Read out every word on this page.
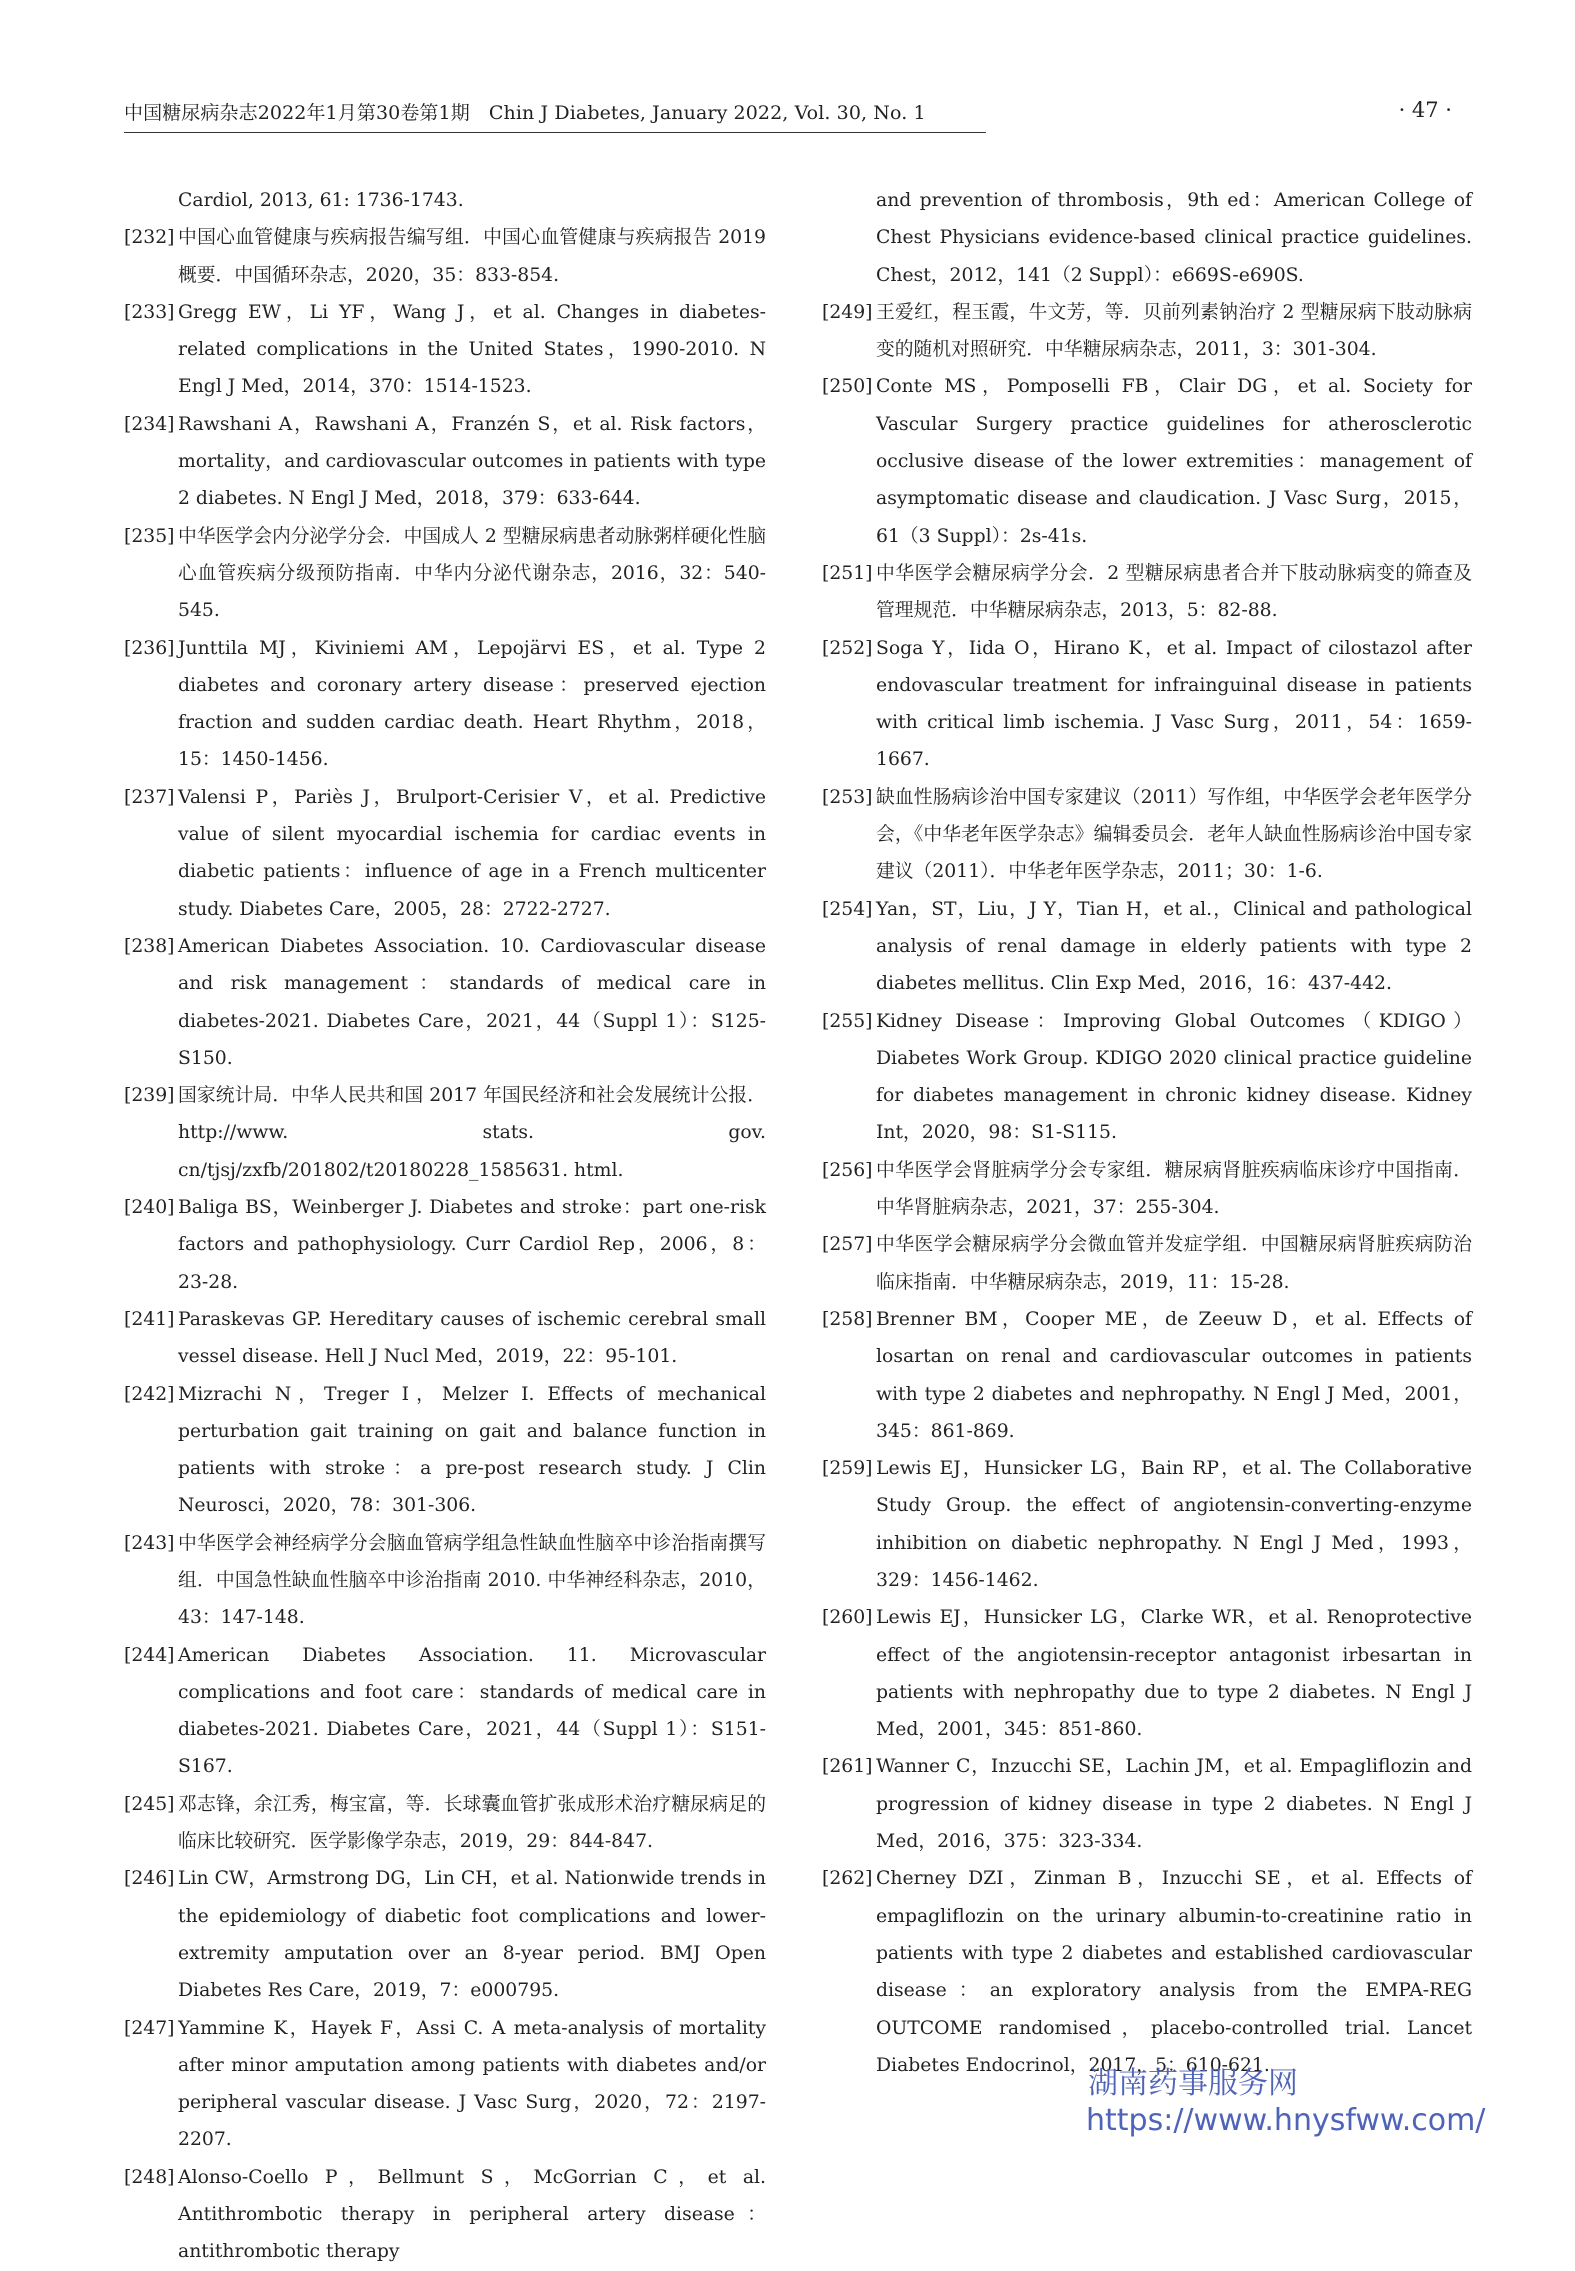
中国糖尿病杂志2022年1月第30卷第1期　Chin J Diabetes, January 2022, Vol. 30, No. 1	· 47 ·

Cardiol, 2013, 61: 1736-1743.

[232] 中国心血管健康与疾病报告编写组．中国心血管健康与疾病报告 2019 概要．中国循环杂志，2020，35：833-854.

[233] Gregg EW，Li YF，Wang J，et al. Changes in diabetes-related complications in the United States，1990-2010. N Engl J Med，2014，370：1514-1523.

[234] Rawshani A，Rawshani A，Franzén S，et al. Risk factors，mortality，and cardiovascular outcomes in patients with type 2 diabetes. N Engl J Med，2018，379：633-644.

[235] 中华医学会内分泌学分会．中国成人 2 型糖尿病患者动脉粥样硬化性脑心血管疾病分级预防指南．中华内分泌代谢杂志，2016，32：540-545.

[236] Junttila MJ，Kiviniemi AM，Lepojärvi ES，et al. Type 2 diabetes and coronary artery disease：preserved ejection fraction and sudden cardiac death. Heart Rhythm，2018，15：1450-1456.

[237] Valensi P，Pariès J，Brulport-Cerisier V，et al. Predictive value of silent myocardial ischemia for cardiac events in diabetic patients：influence of age in a French multicenter study. Diabetes Care，2005，28：2722-2727.

[238] American Diabetes Association. 10. Cardiovascular disease and risk management：standards of medical care in diabetes-2021. Diabetes Care，2021，44（Suppl 1）：S125-S150.

[239] 国家统计局．中华人民共和国 2017 年国民经济和社会发展统计公报．http://www. stats. gov. cn/tjsj/zxfb/201802/t20180228_1585631. html.

[240] Baliga BS，Weinberger J. Diabetes and stroke：part one-risk factors and pathophysiology. Curr Cardiol Rep，2006，8：23-28.

[241] Paraskevas GP. Hereditary causes of ischemic cerebral small vessel disease. Hell J Nucl Med，2019，22：95-101.

[242] Mizrachi N，Treger I，Melzer I. Effects of mechanical perturbation gait training on gait and balance function in patients with stroke：a pre-post research study. J Clin Neurosci，2020，78：301-306.

[243] 中华医学会神经病学分会脑血管病学组急性缺血性脑卒中诊治指南撰写组．中国急性缺血性脑卒中诊治指南 2010. 中华神经科杂志，2010，43：147-148.

[244] American Diabetes Association. 11. Microvascular complications and foot care：standards of medical care in diabetes-2021. Diabetes Care，2021，44（Suppl 1）：S151-S167.

[245] 邓志锋，余江秀，梅宝富，等．长球囊血管扩张成形术治疗糖尿病足的临床比较研究．医学影像学杂志，2019，29：844-847.

[246] Lin CW，Armstrong DG，Lin CH，et al. Nationwide trends in the epidemiology of diabetic foot complications and lower-extremity amputation over an 8-year period. BMJ Open Diabetes Res Care，2019，7：e000795.

[247] Yammine K，Hayek F，Assi C. A meta-analysis of mortality after minor amputation among patients with diabetes and/or peripheral vascular disease. J Vasc Surg，2020，72：2197-2207.

[248] Alonso-Coello P，Bellmunt S，McGorrian C，et al. Antithrombotic therapy in peripheral artery disease：antithrombotic therapy

and prevention of thrombosis，9th ed：American College of Chest Physicians evidence-based clinical practice guidelines. Chest，2012，141（2 Suppl）：e669S-e690S.

[249] 王爱红，程玉霞，牛文芳，等．贝前列素钠治疗 2 型糖尿病下肢动脉病变的随机对照研究．中华糖尿病杂志，2011，3：301-304.

[250] Conte MS，Pomposelli FB，Clair DG，et al. Society for Vascular Surgery practice guidelines for atherosclerotic occlusive disease of the lower extremities：management of asymptomatic disease and claudication. J Vasc Surg，2015，61（3 Suppl）：2s-41s.

[251] 中华医学会糖尿病学分会．2 型糖尿病患者合并下肢动脉病变的筛查及管理规范．中华糖尿病杂志，2013，5：82-88.

[252] Soga Y，Iida O，Hirano K，et al. Impact of cilostazol after endovascular treatment for infrainguinal disease in patients with critical limb ischemia. J Vasc Surg，2011，54：1659-1667.

[253] 缺血性肠病诊治中国专家建议（2011）写作组，中华医学会老年医学分会，《中华老年医学杂志》编辑委员会．老年人缺血性肠病诊治中国专家建议（2011）．中华老年医学杂志，2011；30：1-6.

[254] Yan，ST，Liu，J Y，Tian H，et al.，Clinical and pathological analysis of renal damage in elderly patients with type 2 diabetes mellitus. Clin Exp Med，2016，16：437-442.

[255] Kidney Disease：Improving Global Outcomes（KDIGO）Diabetes Work Group. KDIGO 2020 clinical practice guideline for diabetes management in chronic kidney disease. Kidney Int，2020，98：S1-S115.

[256] 中华医学会肾脏病学分会专家组．糖尿病肾脏疾病临床诊疗中国指南．中华肾脏病杂志，2021，37：255-304.

[257] 中华医学会糖尿病学分会微血管并发症学组．中国糖尿病肾脏疾病防治临床指南．中华糖尿病杂志，2019，11：15-28.

[258] Brenner BM，Cooper ME，de Zeeuw D，et al. Effects of losartan on renal and cardiovascular outcomes in patients with type 2 diabetes and nephropathy. N Engl J Med，2001，345：861-869.

[259] Lewis EJ，Hunsicker LG，Bain RP，et al. The Collaborative Study Group. the effect of angiotensin-converting-enzyme inhibition on diabetic nephropathy. N Engl J Med，1993，329：1456-1462.

[260] Lewis EJ，Hunsicker LG，Clarke WR，et al. Renoprotective effect of the angiotensin-receptor antagonist irbesartan in patients with nephropathy due to type 2 diabetes. N Engl J Med，2001，345：851-860.

[261] Wanner C，Inzucchi SE，Lachin JM，et al. Empagliflozin and progression of kidney disease in type 2 diabetes. N Engl J Med，2016，375：323-334.

[262] Cherney DZI，Zinman B，Inzucchi SE，et al. Effects of empagliflozin on the urinary albumin-to-creatinine ratio in patients with type 2 diabetes and established cardiovascular disease：an exploratory analysis from the EMPA-REG OUTCOME randomised，placebo-controlled trial. Lancet Diabetes Endocrinol，2017，5：610-621.

湖南药事服务网
https://www.hnysfww.com/
